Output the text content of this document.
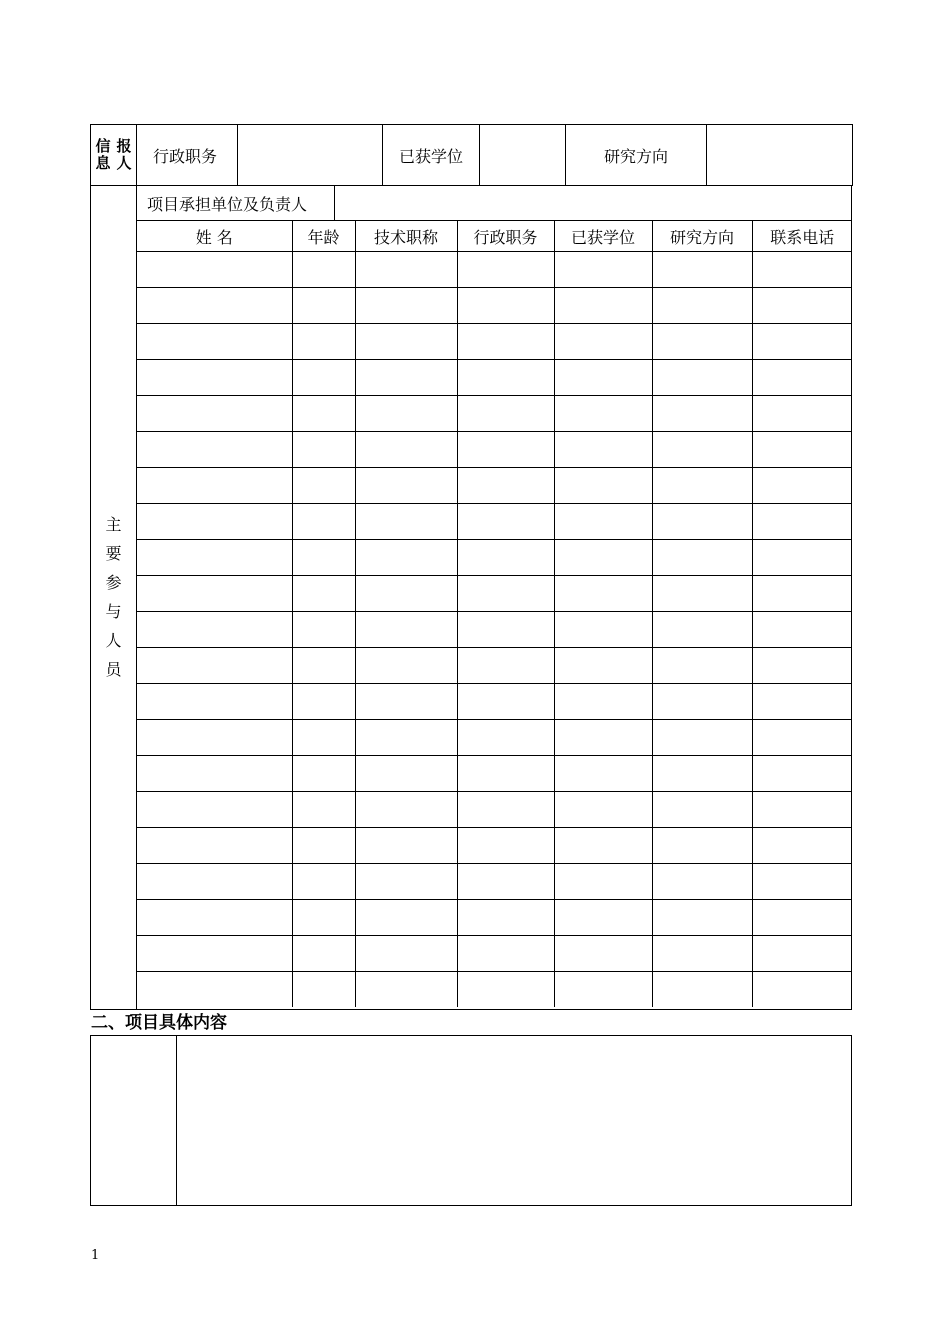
信
息
报
人	行政职务		已获学位		研究方向	
主
要
参
与
人
员
项目承担单位及负责人
姓 名	年龄	技术职称	行政职务	已获学位	研究方向	联系电话

二、项目具体内容
1
